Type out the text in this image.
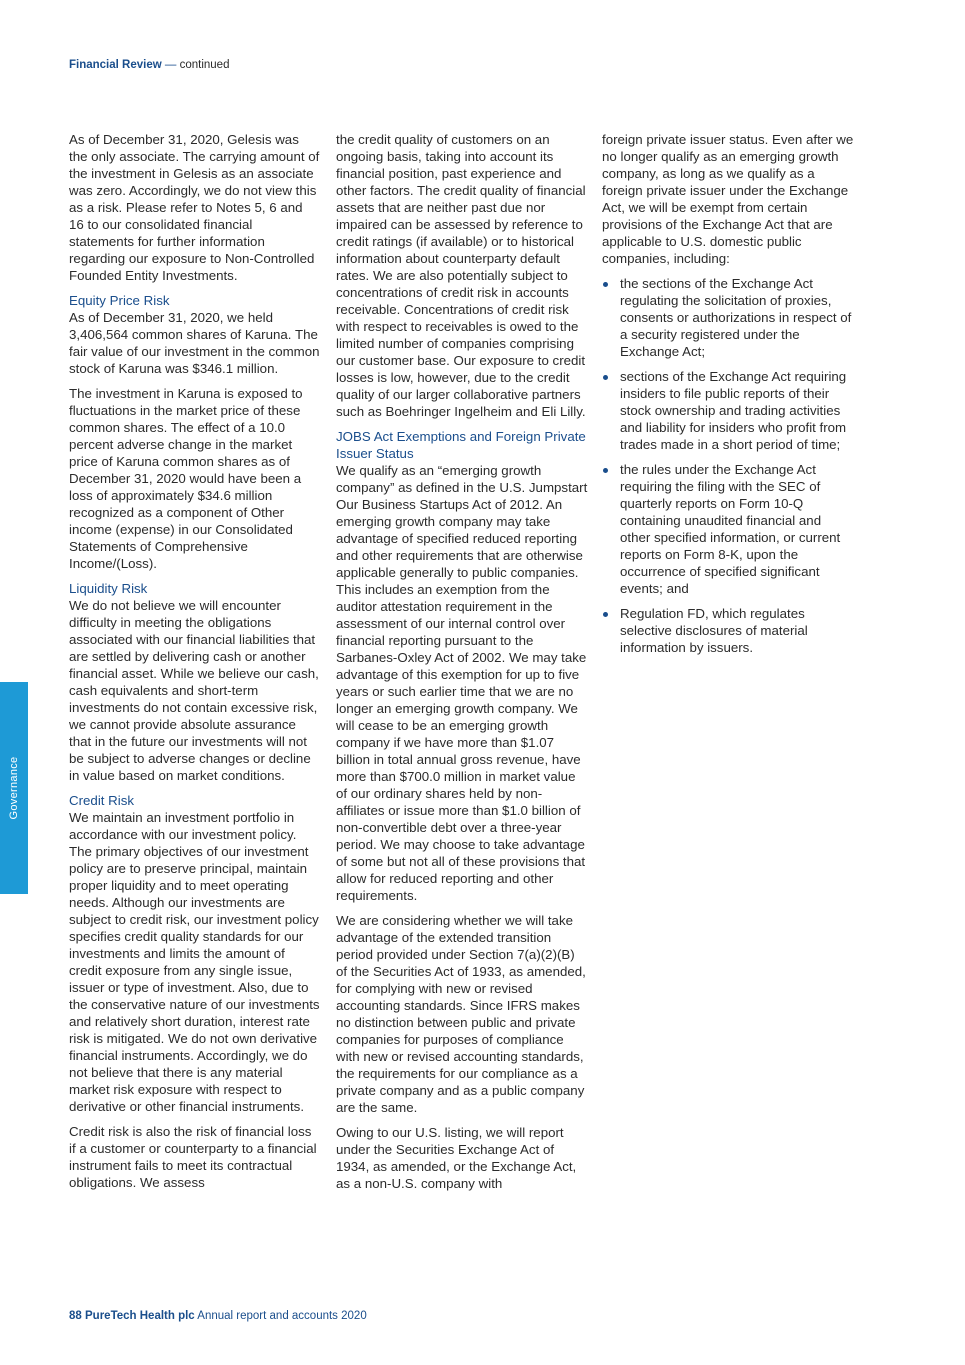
Financial Review — continued

As of December 31, 2020, Gelesis was the only associate. The carrying amount of the investment in Gelesis as an associate was zero. Accordingly, we do not view this as a risk. Please refer to Notes 5, 6 and 16 to our consolidated financial statements for further information regarding our exposure to Non-Controlled Founded Entity Investments.

Equity Price Risk

As of December 31, 2020, we held 3,406,564 common shares of Karuna. The fair value of our investment in the common stock of Karuna was $346.1 million.

The investment in Karuna is exposed to fluctuations in the market price of these common shares. The effect of a 10.0 percent adverse change in the market price of Karuna common shares as of December 31, 2020 would have been a loss of approximately $34.6 million recognized as a component of Other income (expense) in our Consolidated Statements of Comprehensive Income/(Loss).

Liquidity Risk

We do not believe we will encounter difficulty in meeting the obligations associated with our financial liabilities that are settled by delivering cash or another financial asset. While we believe our cash, cash equivalents and short-term investments do not contain excessive risk, we cannot provide absolute assurance that in the future our investments will not be subject to adverse changes or decline in value based on market conditions.

Credit Risk

We maintain an investment portfolio in accordance with our investment policy. The primary objectives of our investment policy are to preserve principal, maintain proper liquidity and to meet operating needs. Although our investments are subject to credit risk, our investment policy specifies credit quality standards for our investments and limits the amount of credit exposure from any single issue, issuer or type of investment. Also, due to the conservative nature of our investments and relatively short duration, interest rate risk is mitigated. We do not own derivative financial instruments. Accordingly, we do not believe that there is any material market risk exposure with respect to derivative or other financial instruments.

Credit risk is also the risk of financial loss if a customer or counterparty to a financial instrument fails to meet its contractual obligations. We assess

the credit quality of customers on an ongoing basis, taking into account its financial position, past experience and other factors. The credit quality of financial assets that are neither past due nor impaired can be assessed by reference to credit ratings (if available) or to historical information about counterparty default rates. We are also potentially subject to concentrations of credit risk in accounts receivable. Concentrations of credit risk with respect to receivables is owed to the limited number of companies comprising our customer base. Our exposure to credit losses is low, however, due to the credit quality of our larger collaborative partners such as Boehringer Ingelheim and Eli Lilly.

JOBS Act Exemptions and Foreign Private Issuer Status

We qualify as an “emerging growth company” as defined in the U.S. Jumpstart Our Business Startups Act of 2012. An emerging growth company may take advantage of specified reduced reporting and other requirements that are otherwise applicable generally to public companies. This includes an exemption from the auditor attestation requirement in the assessment of our internal control over financial reporting pursuant to the Sarbanes-Oxley Act of 2002. We may take advantage of this exemption for up to five years or such earlier time that we are no longer an emerging growth company. We will cease to be an emerging growth company if we have more than $1.07 billion in total annual gross revenue, have more than $700.0 million in market value of our ordinary shares held by non-affiliates or issue more than $1.0 billion of non-convertible debt over a three-year period. We may choose to take advantage of some but not all of these provisions that allow for reduced reporting and other requirements.

We are considering whether we will take advantage of the extended transition period provided under Section 7(a)(2)(B) of the Securities Act of 1933, as amended, for complying with new or revised accounting standards. Since IFRS makes no distinction between public and private companies for purposes of compliance with new or revised accounting standards, the requirements for our compliance as a private company and as a public company are the same.

Owing to our U.S. listing, we will report under the Securities Exchange Act of 1934, as amended, or the Exchange Act, as a non-U.S. company with

foreign private issuer status. Even after we no longer qualify as an emerging growth company, as long as we qualify as a foreign private issuer under the Exchange Act, we will be exempt from certain provisions of the Exchange Act that are applicable to U.S. domestic public companies, including:

the sections of the Exchange Act regulating the solicitation of proxies, consents or authorizations in respect of a security registered under the Exchange Act;
sections of the Exchange Act requiring insiders to file public reports of their stock ownership and trading activities and liability for insiders who profit from trades made in a short period of time;
the rules under the Exchange Act requiring the filing with the SEC of quarterly reports on Form 10-Q containing unaudited financial and other specified information, or current reports on Form 8-K, upon the occurrence of specified significant events; and
Regulation FD, which regulates selective disclosures of material information by issuers.
Governance
88 PureTech Health plc Annual report and accounts 2020
